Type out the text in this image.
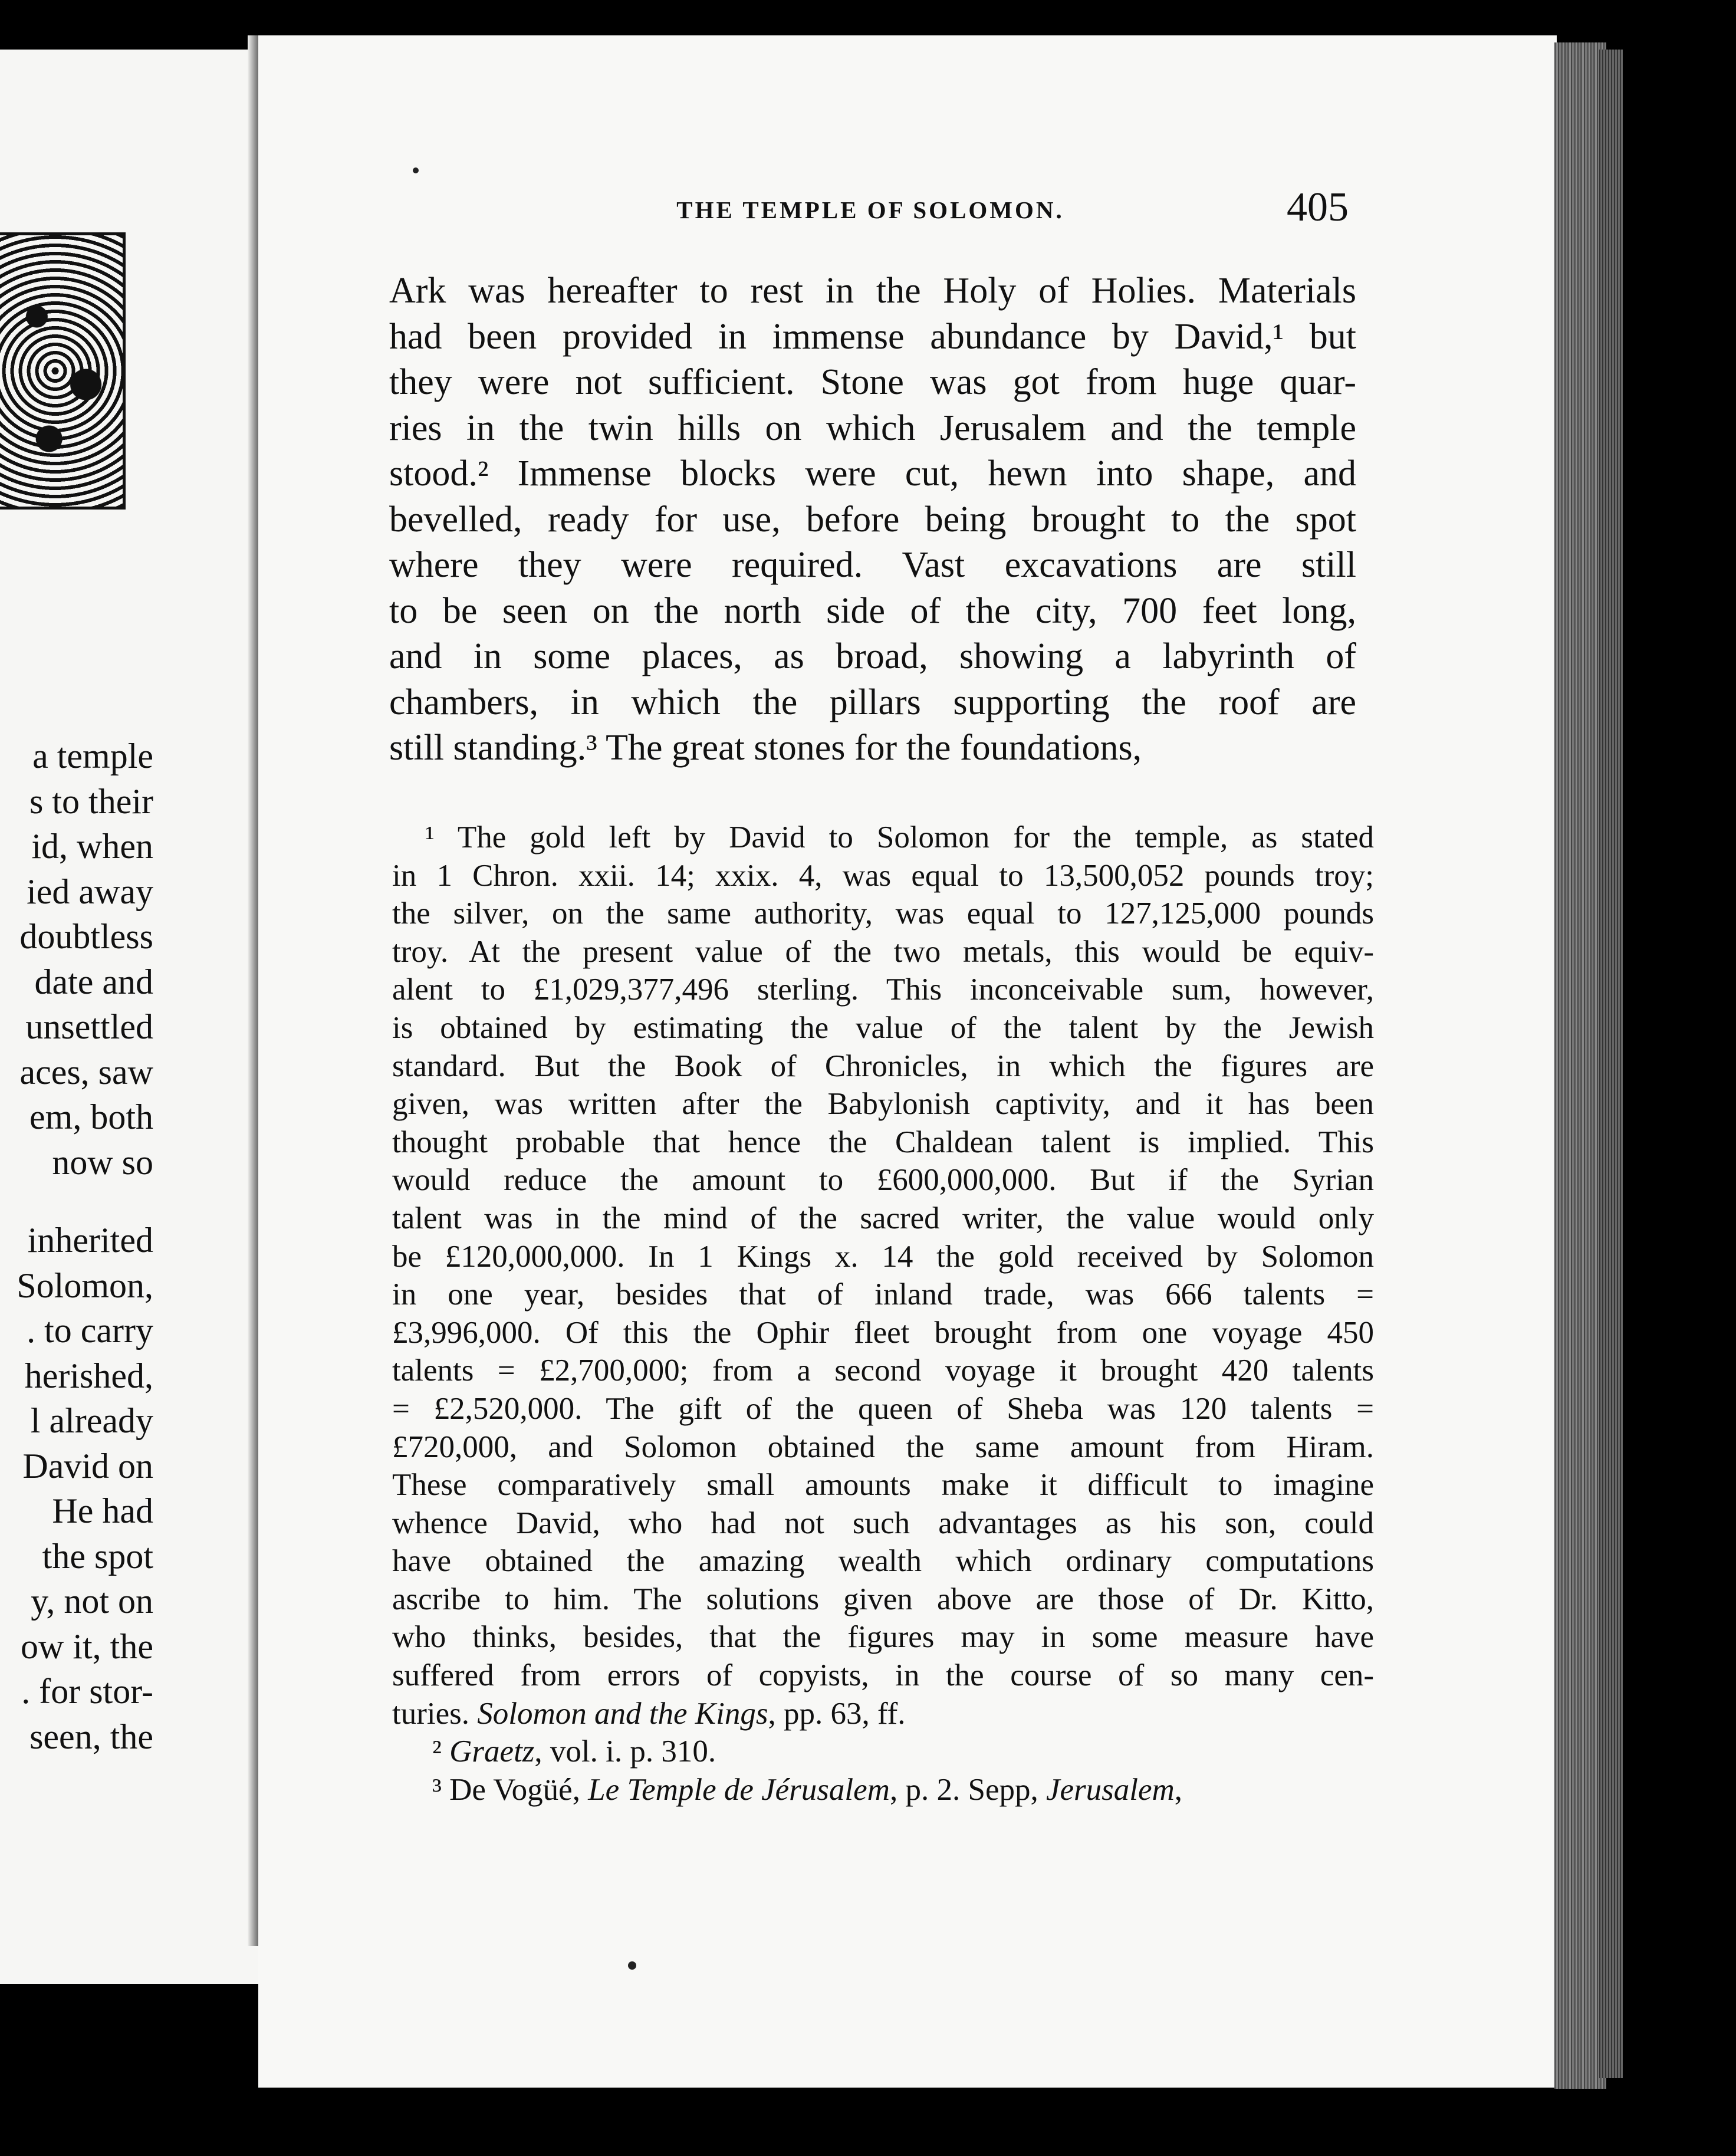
a temple
s to their
id, when
ied away
doubtless
date and
unsettled
aces, saw
em, both
now so
inherited
Solomon,
. to carry
herished,
l already
David on
He had
the spot
y, not on
ow it, the
. for stor-
seen, the
THE TEMPLE OF SOLOMON.	405
Ark was hereafter to rest in the Holy of Holies. Materials
had been provided in immense abundance by David,¹ but
they were not sufficient. Stone was got from huge quar-
ries in the twin hills on which Jerusalem and the temple
stood.² Immense blocks were cut, hewn into shape, and
bevelled, ready for use, before being brought to the spot
where they were required. Vast excavations are still
to be seen on the north side of the city, 700 feet long,
and in some places, as broad, showing a labyrinth of
chambers, in which the pillars supporting the roof are
still standing.³ The great stones for the foundations,
¹ The gold left by David to Solomon for the temple, as stated
in 1 Chron. xxii. 14; xxix. 4, was equal to 13,500,052 pounds troy;
the silver, on the same authority, was equal to 127,125,000 pounds
troy. At the present value of the two metals, this would be equiv-
alent to £1,029,377,496 sterling. This inconceivable sum, however,
is obtained by estimating the value of the talent by the Jewish
standard. But the Book of Chronicles, in which the figures are
given, was written after the Babylonish captivity, and it has been
thought probable that hence the Chaldean talent is implied. This
would reduce the amount to £600,000,000. But if the Syrian
talent was in the mind of the sacred writer, the value would only
be £120,000,000. In 1 Kings x. 14 the gold received by Solomon
in one year, besides that of inland trade, was 666 talents =
£3,996,000. Of this the Ophir fleet brought from one voyage 450
talents = £2,700,000; from a second voyage it brought 420 talents
= £2,520,000. The gift of the queen of Sheba was 120 talents =
£720,000, and Solomon obtained the same amount from Hiram.
These comparatively small amounts make it difficult to imagine
whence David, who had not such advantages as his son, could
have obtained the amazing wealth which ordinary computations
ascribe to him. The solutions given above are those of Dr. Kitto,
who thinks, besides, that the figures may in some measure have
suffered from errors of copyists, in the course of so many cen-
turies. Solomon and the Kings, pp. 63, ff.
² Graetz, vol. i. p. 310.
³ De Vogüé, Le Temple de Jérusalem, p. 2. Sepp, Jerusalem,
